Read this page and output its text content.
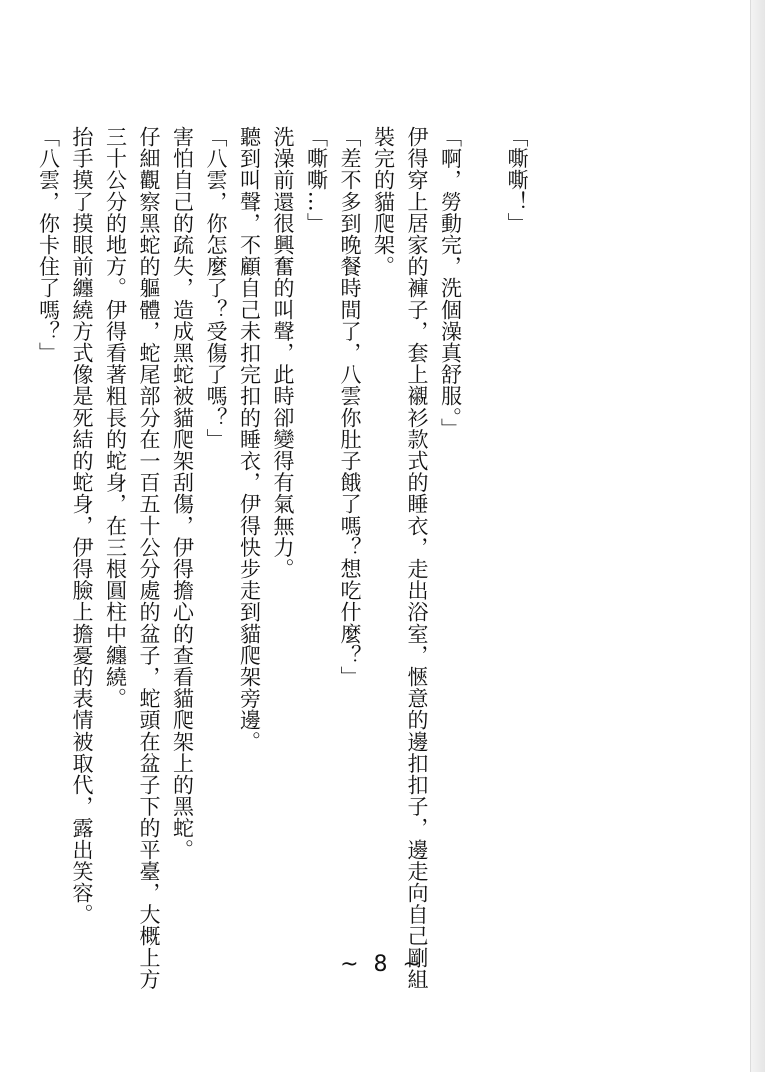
「嘶嘶！」

「啊，勞動完，洗個澡真舒服。」

伊得穿上居家的褲子，套上襯衫款式的睡衣，走出浴室，愜意的邊扣扣子，邊走向自己剛組裝完的貓爬架。

「差不多到晚餐時間了，八雲你肚子餓了嗎？想吃什麼？」

「嘶嘶…」

洗澡前還很興奮的叫聲，此時卻變得有氣無力。

聽到叫聲，不顧自己未扣完扣的睡衣，伊得快步走到貓爬架旁邊。

「八雲，你怎麼了？受傷了嗎？」

害怕自己的疏失，造成黑蛇被貓爬架刮傷，伊得擔心的查看貓爬架上的黑蛇。

仔細觀察黑蛇的軀體，蛇尾部分在一百五十公分處的盆子，蛇頭在盆子下的平臺，大概上方三十公分的地方。伊得看著粗長的蛇身，在三根圓柱中纏繞。

抬手摸了摸眼前纏繞方式像是死結的蛇身，伊得臉上擔憂的表情被取代，露出笑容。

「八雲，你卡住了嗎？」

~ 8 ~
